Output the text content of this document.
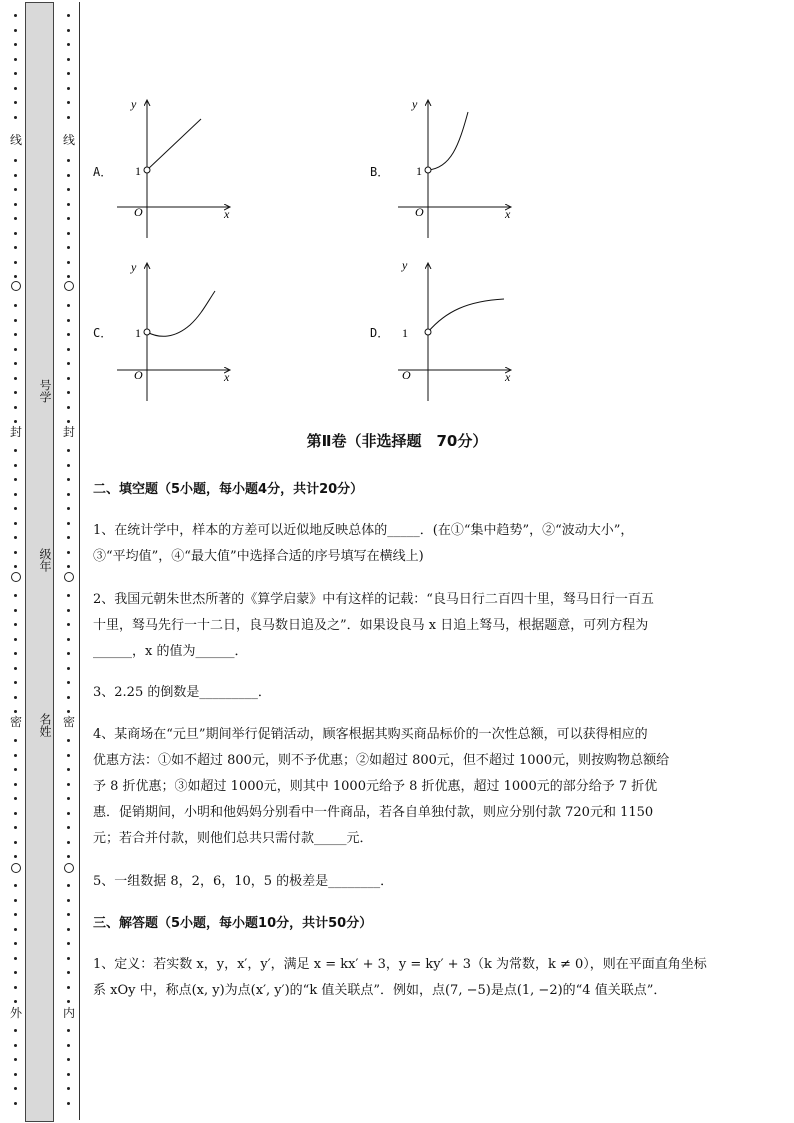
线
封
密
外
号学
级年
名姓
线
封
密
内
A．	B．
C．	D．
y
x
O
1
y
x
O
1
y
x
O
1
y
x
O
1
第Ⅱ卷（非选择题　70分）
二、填空题（5小题，每小题4分，共计20分）
1、在统计学中，样本的方差可以近似地反映总体的_____．(在①“集中趋势”，②“波动大小”，
③“平均值”，④“最大值”中选择合适的序号填写在横线上)
2、我国元朝朱世杰所著的《算学启蒙》中有这样的记载：“良马日行二百四十里，驽马日行一百五
十里，驽马先行一十二日，良马数日追及之”．如果设良马 x 日追上驽马，根据题意，可列方程为
______，x 的值为______．
3、2.25 的倒数是_________．
4、某商场在“元旦”期间举行促销活动，顾客根据其购买商品标价的一次性总额，可以获得相应的
优惠方法：①如不超过 800元，则不予优惠；②如超过 800元，但不超过 1000元，则按购物总额给
予 8 折优惠；③如超过 1000元，则其中 1000元给予 8 折优惠，超过 1000元的部分给予 7 折优
惠．促销期间，小明和他妈妈分别看中一件商品，若各自单独付款，则应分别付款 720元和 1150
元；若合并付款，则他们总共只需付款_____元．
5、一组数据 8，2，6，10，5 的极差是________．
三、解答题（5小题，每小题10分，共计50分）
1、定义：若实数 x，y，x′，y′，满足 x = kx′ + 3，y = ky′ + 3（k 为常数，k ≠ 0），则在平面直角坐标
系 xOy 中，称点(x, y)为点(x′, y′)的“k 值关联点”．例如，点(7, −5)是点(1, −2)的“4 值关联点”．
